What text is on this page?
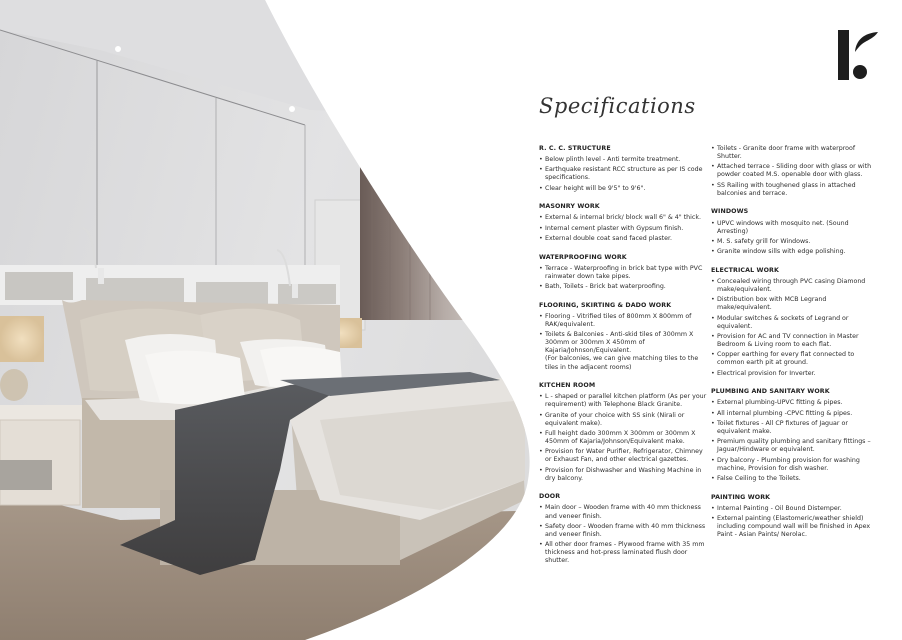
Specifications
R. C. C. STRUCTURE
• Below plinth level - Anti termite treatment.
• Earthquake resistant RCC structure as per IS code specifications.
• Clear height will be 9'5" to 9'6".
MASONRY WORK
• External & internal brick/ block wall 6" & 4" thick.
• Internal cement plaster with Gypsum finish.
• External double coat sand faced plaster.
WATERPROOFING WORK
• Terrace - Waterproofing in brick bat type with PVC rainwater down take pipes.
• Bath, Toilets - Brick bat waterproofing.
FLOORING, SKIRTING & DADO WORK
• Flooring - Vitrified tiles of 800mm X 800mm of RAK/equivalent.
• Toilets & Balconies - Anti-skid tiles of 300mm X 300mm or 300mm X 450mm of Kajaria/Johnson/Equivalent.
(For balconies, we can give matching tiles to the tiles in the adjacent rooms)
KITCHEN ROOM
• L - shaped or parallel kitchen platform (As per your requirement) with Telephone Black Granite.
• Granite of your choice with SS sink (Nirali or equivalent make).
• Full height dado 300mm X 300mm or 300mm X 450mm of Kajaria/Johnson/Equivalent make.
• Provision for Water Purifier, Refrigerator, Chimney or Exhaust Fan, and other electrical gazettes.
• Provision for Dishwasher and Washing Machine in dry balcony.
DOOR
• Main door – Wooden frame with 40 mm thickness and veneer finish.
• Safety door - Wooden frame with 40 mm thickness and veneer finish.
• All other door frames - Plywood frame with 35 mm thickness and hot-press laminated flush door shutter.
• Toilets - Granite door frame with waterproof Shutter.
• Attached terrace - Sliding door with glass or with powder coated M.S. openable door with glass.
• SS Railing with toughened glass in attached balconies and terrace.
WINDOWS
• UPVC windows with mosquito net. (Sound Arresting)
• M. S. safety grill for Windows.
• Granite window sills with edge polishing.
ELECTRICAL WORK
• Concealed wiring through PVC casing Diamond make/equivalent.
• Distribution box with MCB Legrand make/equivalent.
• Modular switches & sockets of Legrand or equivalent.
• Provision for AC and TV connection in Master Bedroom & Living room to each flat.
• Copper earthing for every flat connected to common earth pit at ground.
• Electrical provision for Inverter.
PLUMBING AND SANITARY WORK
• External plumbing-UPVC fitting & pipes.
• All internal plumbing -CPVC fitting & pipes.
• Toilet fixtures - All CP fixtures of Jaguar or equivalent make.
• Premium quality plumbing and sanitary fittings – Jaguar/Hindware or equivalent.
• Dry balcony - Plumbing provision for washing machine, Provision for dish washer.
• False Ceiling to the Toilets.
PAINTING WORK
• Internal Painting - Oil Bound Distemper.
• External painting (Elastomeric/weather shield) including compound wall will be finished in Apex Paint - Asian Paints/ Nerolac.
